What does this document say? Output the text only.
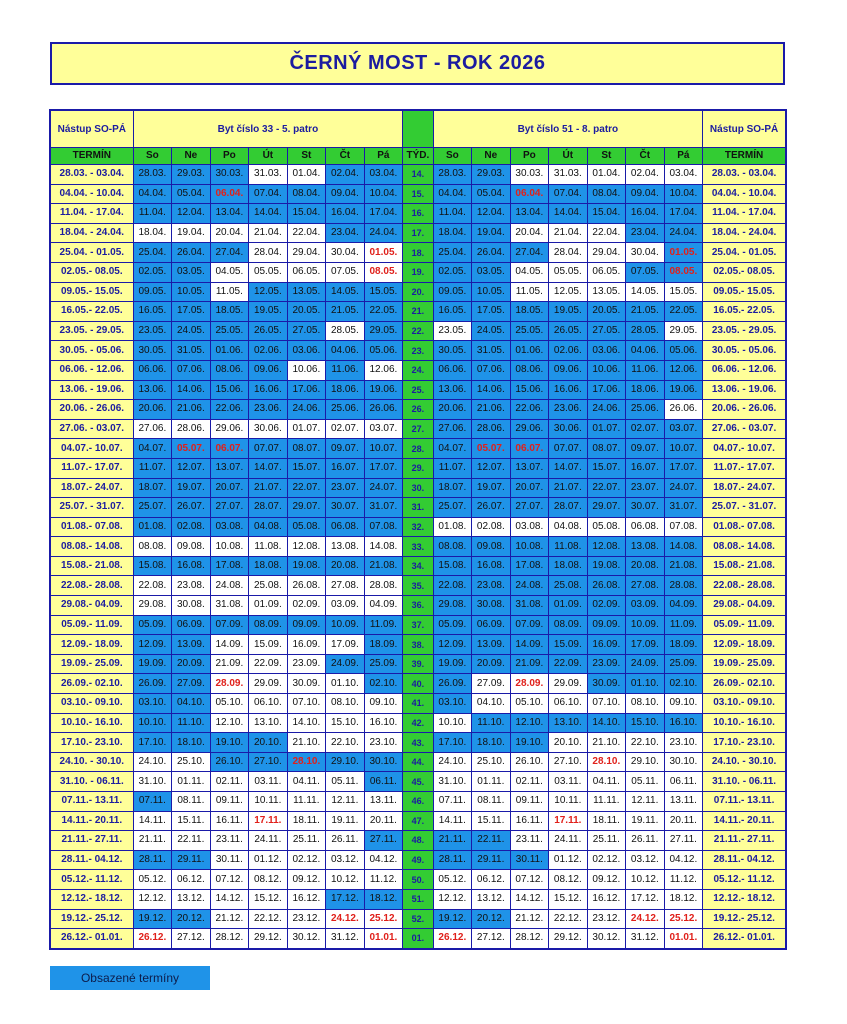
ČERNÝ MOST - ROK 2026
Nástup SO-PÁ	Byt číslo 33 - 5. patro								Byt číslo 51 - 8. patro							Nástup SO-PÁ
TERMÍN	So	Ne	Po	Út	St	Čt	Pá	TÝD.	So	Ne	Po	Út	St	Čt	Pá	TERMÍN
28.03. - 03.04.	28.03.	29.03.	30.03.	31.03.	01.04.	02.04.	03.04.	14.	28.03.	29.03.	30.03.	31.03.	01.04.	02.04.	03.04.	28.03. - 03.04.
04.04. - 10.04.	04.04.	05.04.	06.04.	07.04.	08.04.	09.04.	10.04.	15.	04.04.	05.04.	06.04.	07.04.	08.04.	09.04.	10.04.	04.04. - 10.04.
11.04. - 17.04.	11.04.	12.04.	13.04.	14.04.	15.04.	16.04.	17.04.	16.	11.04.	12.04.	13.04.	14.04.	15.04.	16.04.	17.04.	11.04. - 17.04.
18.04. - 24.04.	18.04.	19.04.	20.04.	21.04.	22.04.	23.04.	24.04.	17.	18.04.	19.04.	20.04.	21.04.	22.04.	23.04.	24.04.	18.04. - 24.04.
25.04. - 01.05.	25.04.	26.04.	27.04.	28.04.	29.04.	30.04.	01.05.	18.	25.04.	26.04.	27.04.	28.04.	29.04.	30.04.	01.05.	25.04. - 01.05.
02.05.- 08.05.	02.05.	03.05.	04.05.	05.05.	06.05.	07.05.	08.05.	19.	02.05.	03.05.	04.05.	05.05.	06.05.	07.05.	08.05.	02.05.- 08.05.
09.05.- 15.05.	09.05.	10.05.	11.05.	12.05.	13.05.	14.05.	15.05.	20.	09.05.	10.05.	11.05.	12.05.	13.05.	14.05.	15.05.	09.05.- 15.05.
16.05.- 22.05.	16.05.	17.05.	18.05.	19.05.	20.05.	21.05.	22.05.	21.	16.05.	17.05.	18.05.	19.05.	20.05.	21.05.	22.05.	16.05.- 22.05.
23.05. - 29.05.	23.05.	24.05.	25.05.	26.05.	27.05.	28.05.	29.05.	22.	23.05.	24.05.	25.05.	26.05.	27.05.	28.05.	29.05.	23.05. - 29.05.
30.05. - 05.06.	30.05.	31.05.	01.06.	02.06.	03.06.	04.06.	05.06.	23.	30.05.	31.05.	01.06.	02.06.	03.06.	04.06.	05.06.	30.05. - 05.06.
06.06. - 12.06.	06.06.	07.06.	08.06.	09.06.	10.06.	11.06.	12.06.	24.	06.06.	07.06.	08.06.	09.06.	10.06.	11.06.	12.06.	06.06. - 12.06.
13.06. - 19.06.	13.06.	14.06.	15.06.	16.06.	17.06.	18.06.	19.06.	25.	13.06.	14.06.	15.06.	16.06.	17.06.	18.06.	19.06.	13.06. - 19.06.
20.06. - 26.06.	20.06.	21.06.	22.06.	23.06.	24.06.	25.06.	26.06.	26.	20.06.	21.06.	22.06.	23.06.	24.06.	25.06.	26.06.	20.06. - 26.06.
27.06. - 03.07.	27.06.	28.06.	29.06.	30.06.	01.07.	02.07.	03.07.	27.	27.06.	28.06.	29.06.	30.06.	01.07.	02.07.	03.07.	27.06. - 03.07.
04.07.- 10.07.	04.07.	05.07.	06.07.	07.07.	08.07.	09.07.	10.07.	28.	04.07.	05.07.	06.07.	07.07.	08.07.	09.07.	10.07.	04.07.- 10.07.
11.07.- 17.07.	11.07.	12.07.	13.07.	14.07.	15.07.	16.07.	17.07.	29.	11.07.	12.07.	13.07.	14.07.	15.07.	16.07.	17.07.	11.07.- 17.07.
18.07.- 24.07.	18.07.	19.07.	20.07.	21.07.	22.07.	23.07.	24.07.	30.	18.07.	19.07.	20.07.	21.07.	22.07.	23.07.	24.07.	18.07.- 24.07.
25.07. - 31.07.	25.07.	26.07.	27.07.	28.07.	29.07.	30.07.	31.07.	31.	25.07.	26.07.	27.07.	28.07.	29.07.	30.07.	31.07.	25.07. - 31.07.
01.08.- 07.08.	01.08.	02.08.	03.08.	04.08.	05.08.	06.08.	07.08.	32.	01.08.	02.08.	03.08.	04.08.	05.08.	06.08.	07.08.	01.08.- 07.08.
08.08.- 14.08.	08.08.	09.08.	10.08.	11.08.	12.08.	13.08.	14.08.	33.	08.08.	09.08.	10.08.	11.08.	12.08.	13.08.	14.08.	08.08.- 14.08.
15.08.- 21.08.	15.08.	16.08.	17.08.	18.08.	19.08.	20.08.	21.08.	34.	15.08.	16.08.	17.08.	18.08.	19.08.	20.08.	21.08.	15.08.- 21.08.
22.08.- 28.08.	22.08.	23.08.	24.08.	25.08.	26.08.	27.08.	28.08.	35.	22.08.	23.08.	24.08.	25.08.	26.08.	27.08.	28.08.	22.08.- 28.08.
29.08.- 04.09.	29.08.	30.08.	31.08.	01.09.	02.09.	03.09.	04.09.	36.	29.08.	30.08.	31.08.	01.09.	02.09.	03.09.	04.09.	29.08.- 04.09.
05.09.- 11.09.	05.09.	06.09.	07.09.	08.09.	09.09.	10.09.	11.09.	37.	05.09.	06.09.	07.09.	08.09.	09.09.	10.09.	11.09.	05.09.- 11.09.
12.09.- 18.09.	12.09.	13.09.	14.09.	15.09.	16.09.	17.09.	18.09.	38.	12.09.	13.09.	14.09.	15.09.	16.09.	17.09.	18.09.	12.09.- 18.09.
19.09.- 25.09.	19.09.	20.09.	21.09.	22.09.	23.09.	24.09.	25.09.	39.	19.09.	20.09.	21.09.	22.09.	23.09.	24.09.	25.09.	19.09.- 25.09.
26.09.- 02.10.	26.09.	27.09.	28.09.	29.09.	30.09.	01.10.	02.10.	40.	26.09.	27.09.	28.09.	29.09.	30.09.	01.10.	02.10.	26.09.- 02.10.
03.10.- 09.10.	03.10.	04.10.	05.10.	06.10.	07.10.	08.10.	09.10.	41.	03.10.	04.10.	05.10.	06.10.	07.10.	08.10.	09.10.	03.10.- 09.10.
10.10.- 16.10.	10.10.	11.10.	12.10.	13.10.	14.10.	15.10.	16.10.	42.	10.10.	11.10.	12.10.	13.10.	14.10.	15.10.	16.10.	10.10.- 16.10.
17.10.- 23.10.	17.10.	18.10.	19.10.	20.10.	21.10.	22.10.	23.10.	43.	17.10.	18.10.	19.10.	20.10.	21.10.	22.10.	23.10.	17.10.- 23.10.
24.10. - 30.10.	24.10.	25.10.	26.10.	27.10.	28.10.	29.10.	30.10.	44.	24.10.	25.10.	26.10.	27.10.	28.10.	29.10.	30.10.	24.10. - 30.10.
31.10. - 06.11.	31.10.	01.11.	02.11.	03.11.	04.11.	05.11.	06.11.	45.	31.10.	01.11.	02.11.	03.11.	04.11.	05.11.	06.11.	31.10. - 06.11.
07.11.- 13.11.	07.11.	08.11.	09.11.	10.11.	11.11.	12.11.	13.11.	46.	07.11.	08.11.	09.11.	10.11.	11.11.	12.11.	13.11.	07.11.- 13.11.
14.11.- 20.11.	14.11.	15.11.	16.11.	17.11.	18.11.	19.11.	20.11.	47.	14.11.	15.11.	16.11.	17.11.	18.11.	19.11.	20.11.	14.11.- 20.11.
21.11.- 27.11.	21.11.	22.11.	23.11.	24.11.	25.11.	26.11.	27.11.	48.	21.11.	22.11.	23.11.	24.11.	25.11.	26.11.	27.11.	21.11.- 27.11.
28.11.- 04.12.	28.11.	29.11.	30.11.	01.12.	02.12.	03.12.	04.12.	49.	28.11.	29.11.	30.11.	01.12.	02.12.	03.12.	04.12.	28.11.- 04.12.
05.12.- 11.12.	05.12.	06.12.	07.12.	08.12.	09.12.	10.12.	11.12.	50.	05.12.	06.12.	07.12.	08.12.	09.12.	10.12.	11.12.	05.12.- 11.12.
12.12.- 18.12.	12.12.	13.12.	14.12.	15.12.	16.12.	17.12.	18.12.	51.	12.12.	13.12.	14.12.	15.12.	16.12.	17.12.	18.12.	12.12.- 18.12.
19.12.- 25.12.	19.12.	20.12.	21.12.	22.12.	23.12.	24.12.	25.12.	52.	19.12.	20.12.	21.12.	22.12.	23.12.	24.12.	25.12.	19.12.- 25.12.
26.12.- 01.01.	26.12.	27.12.	28.12.	29.12.	30.12.	31.12.	01.01.	01.	26.12.	27.12.	28.12.	29.12.	30.12.	31.12.	01.01.	26.12.- 01.01.
Obsazené termíny
